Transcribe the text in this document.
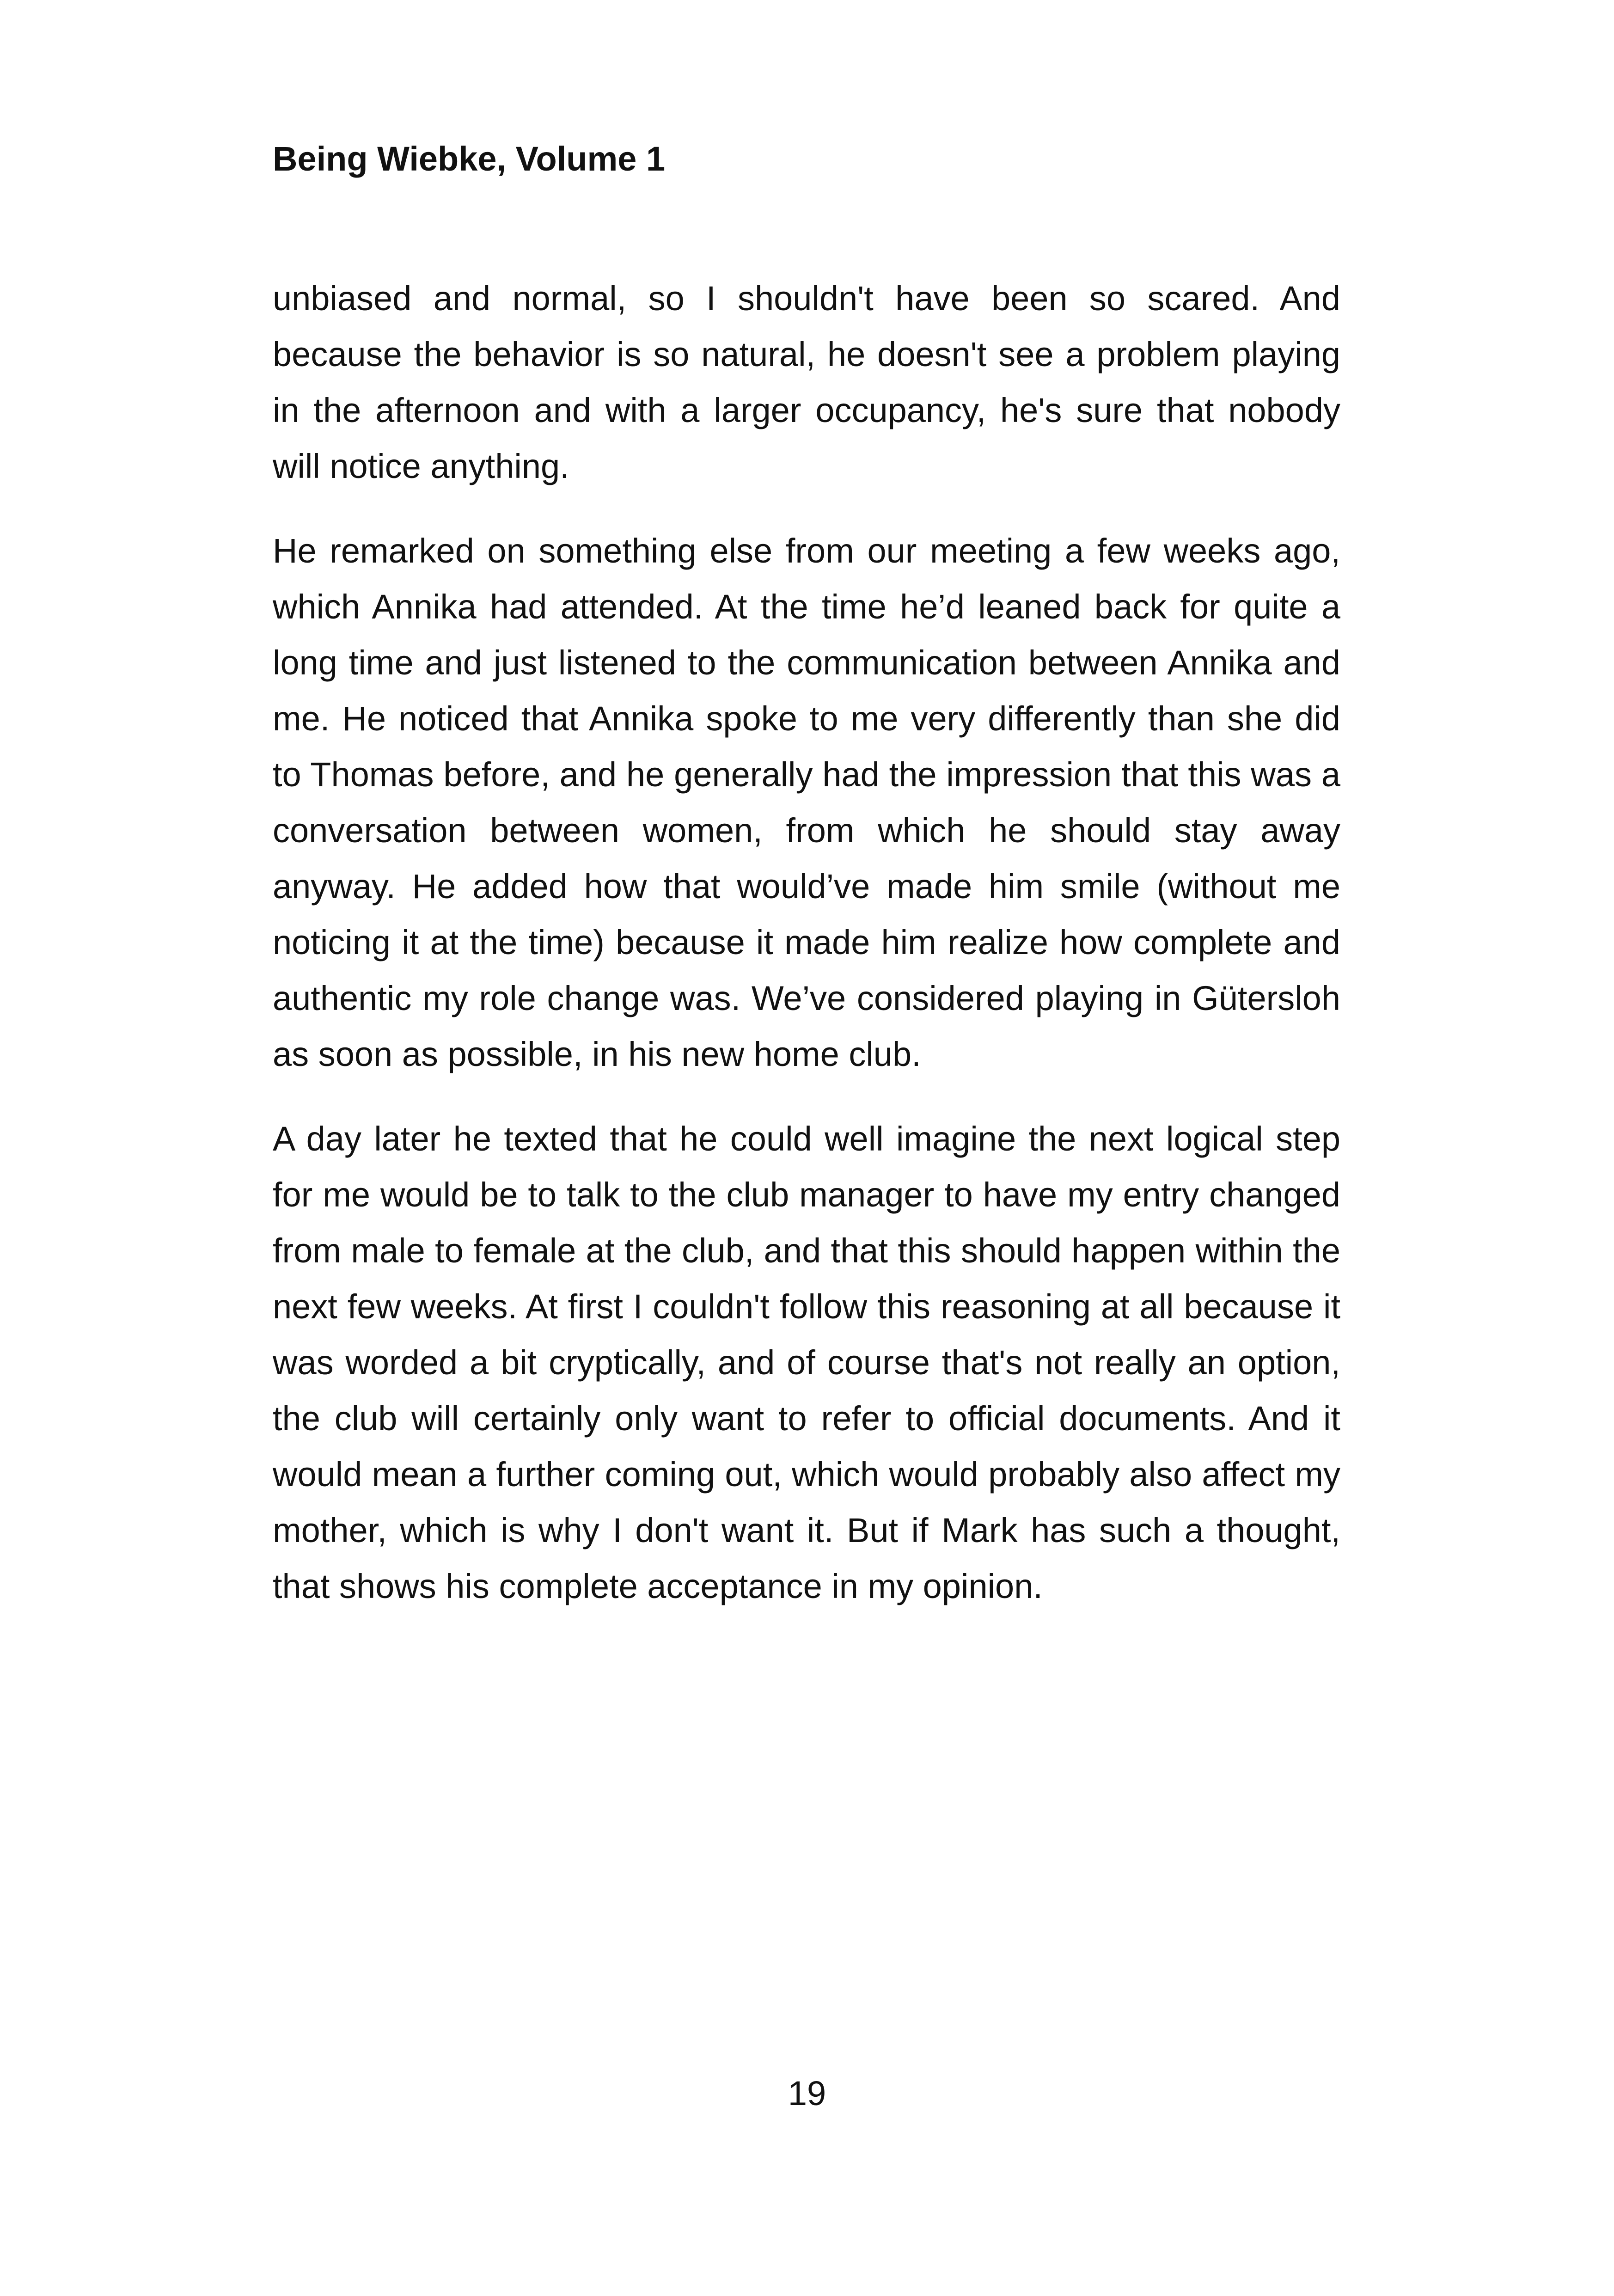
Being Wiebke, Volume 1

unbiased and normal, so I shouldn't have been so scared. And because the behavior is so natural, he doesn't see a problem playing in the afternoon and with a larger occupancy, he's sure that nobody will notice anything.

He remarked on something else from our meeting a few weeks ago, which Annika had attended. At the time he’d leaned back for quite a long time and just listened to the communication between Annika and me. He noticed that Annika spoke to me very differently than she did to Thomas before, and he generally had the impression that this was a conversation between women, from which he should stay away anyway. He added how that would’ve made him smile (without me noticing it at the time) because it made him realize how complete and authentic my role change was. We’ve considered playing in Gütersloh as soon as possible, in his new home club.

A day later he texted that he could well imagine the next logical step for me would be to talk to the club manager to have my entry changed from male to female at the club, and that this should happen within the next few weeks. At first I couldn't follow this reasoning at all because it was worded a bit cryptically, and of course that's not really an option, the club will certainly only want to refer to official documents. And it would mean a further coming out, which would probably also affect my mother, which is why I don't want it. But if Mark has such a thought, that shows his complete acceptance in my opinion.

19
